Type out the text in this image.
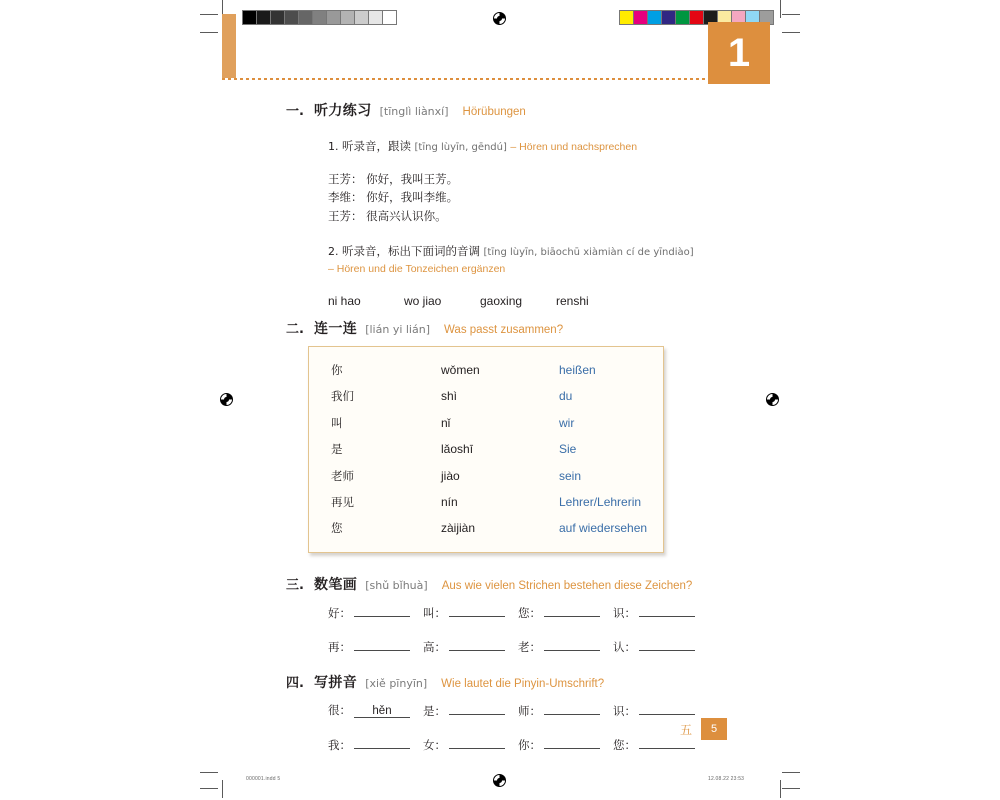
1
一. 听力练习 [tīnglì liànxí] Hörübungen
1. 听录音，跟读 [tīng lùyīn, gēndú] – Hören und nachsprechen
王芳： 你好，我叫王芳。
李维： 你好，我叫李维。
王芳： 很高兴认识你。
2. 听录音，标出下面词的音调 [tīng lùyīn, biāochū xiàmiàn cí de yīndiào]
– Hören und die Tonzeichen ergänzen
ni hao	wo jiao	gaoxing	renshi
二. 连一连 [lián yi lián] Was passt zusammen?
你	wǒmen	heißen
我们	shì	du
叫	nǐ	wir
是	lǎoshī	Sie
老师	jiào	sein
再见	nín	Lehrer/Lehrerin
您	zàijiàn	auf wiedersehen
三. 数笔画 [shǔ bǐhuà] Aus wie vielen Strichen bestehen diese Zeichen?
好：	叫：	您：	识：
再：	高：	老：	认：
四. 写拼音 [xiě pīnyīn] Wie lautet die Pinyin-Umschrift?
很：	hěn	是：	师：	识：
我：	女：	你：	您：
五	5
000001.indd 5	12.08.22 23:53
